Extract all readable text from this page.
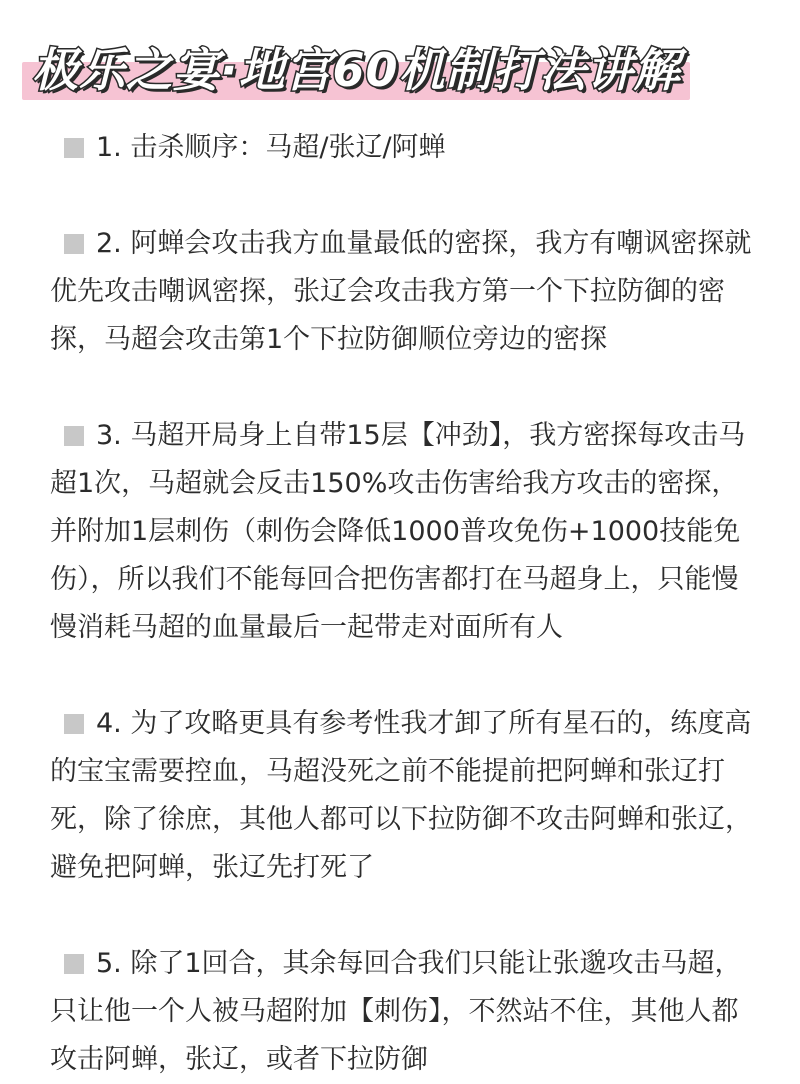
极乐之宴·地宫60机制打法讲解

1. 击杀顺序：马超/张辽/阿蝉

2. 阿蝉会攻击我方血量最低的密探，我方有嘲讽密探就优先攻击嘲讽密探，张辽会攻击我方第一个下拉防御的密探，马超会攻击第1个下拉防御顺位旁边的密探

3. 马超开局身上自带15层【冲劲】，我方密探每攻击马超1次，马超就会反击150%攻击伤害给我方攻击的密探，并附加1层刺伤（刺伤会降低1000普攻免伤+1000技能免伤），所以我们不能每回合把伤害都打在马超身上，只能慢慢消耗马超的血量最后一起带走对面所有人

4. 为了攻略更具有参考性我才卸了所有星石的，练度高的宝宝需要控血，马超没死之前不能提前把阿蝉和张辽打死，除了徐庶，其他人都可以下拉防御不攻击阿蝉和张辽，避免把阿蝉，张辽先打死了

5. 除了1回合，其余每回合我们只能让张邈攻击马超，只让他一个人被马超附加【刺伤】，不然站不住，其他人都攻击阿蝉，张辽，或者下拉防御
